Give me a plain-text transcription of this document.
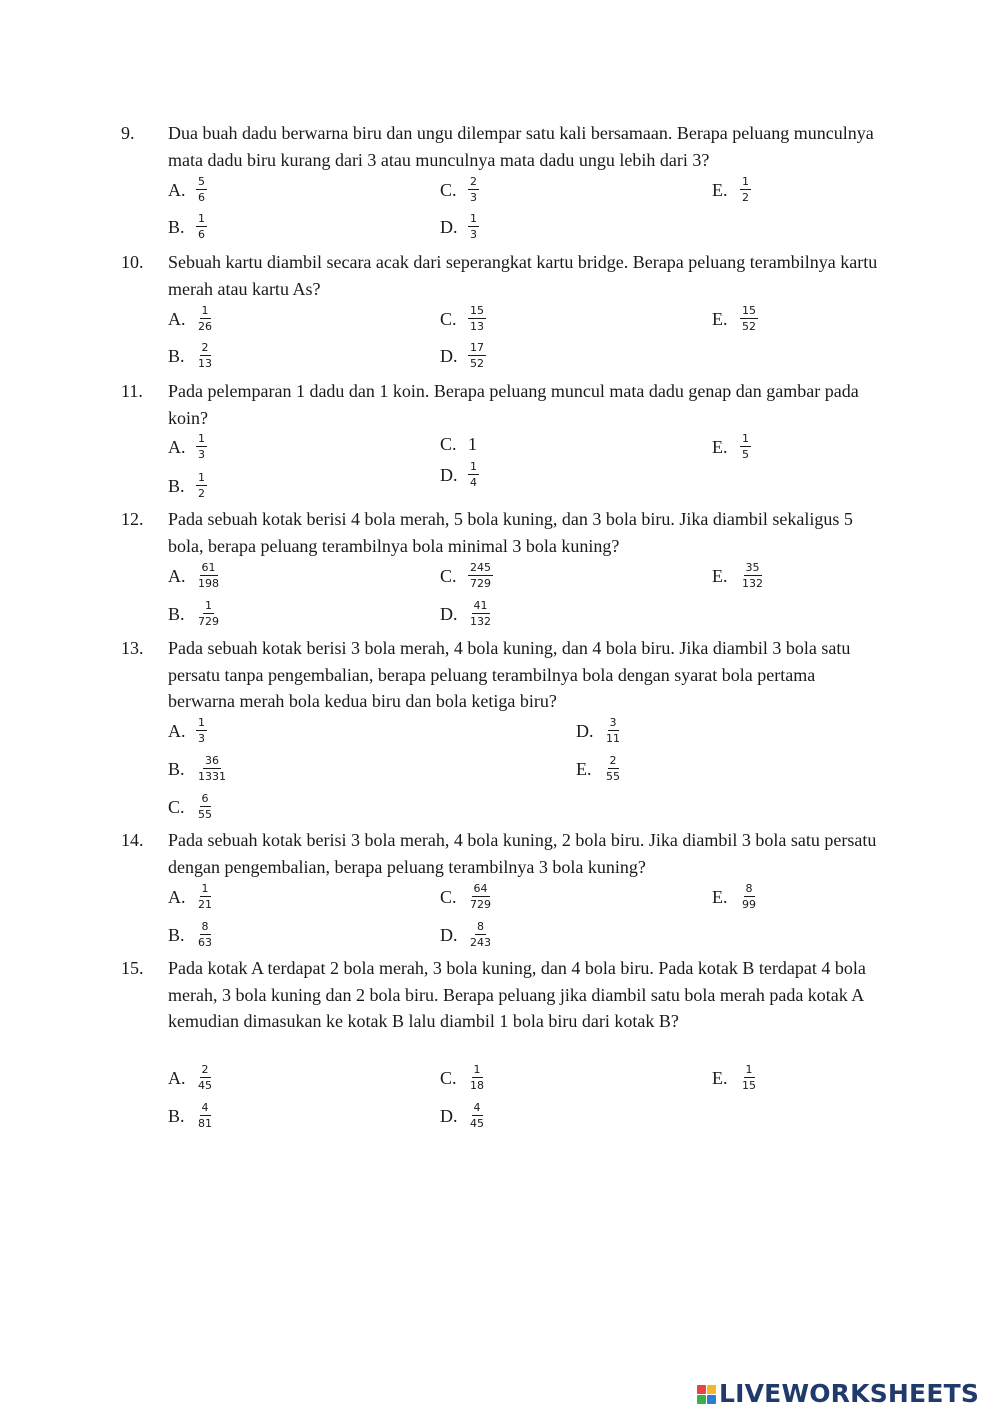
9. Dua buah dadu berwarna biru dan ungu dilempar satu kali bersamaan. Berapa peluang munculnya mata dadu biru kurang dari 3 atau munculnya mata dadu ungu lebih dari 3?
A. $\frac{5}{6}$
B.	$\frac{1}{6}$
C.	$\frac{2}{3}$
D. $\frac{1}{3}$
E.	$\frac{1}{2}$
10. Sebuah kartu diambil secara acak dari seperangkat kartu bridge. Berapa peluang terambilnya kartu merah atau kartu As?
A. $\frac{1}{26}$
B.	$\frac{2}{13}$
C.	$\frac{15}{13}$
D. $\frac{17}{52}$
E.	$\frac{15}{52}$
11. Pada pelemparan 1 dadu dan 1 koin. Berapa peluang muncul mata dadu genap dan gambar pada koin?
A. $\frac{1}{3}$
B.	$\frac{1}{2}$
C. 1
D. $\frac{1}{4}$
E.	$\frac{1}{5}$
12. Pada sebuah kotak berisi 4 bola merah, 5 bola kuning, dan 3 bola biru. Jika diambil sekaligus 5 bola, berapa peluang terambilnya bola minimal 3 bola kuning?
A. $\frac{61}{198}$
B.	$\frac{1}{729}$
C.	$\frac{245}{729}$
D. $\frac{41}{132}$
E.	$\frac{35}{132}$
13. Pada sebuah kotak berisi 3 bola merah, 4 bola kuning, dan 4 bola biru. Jika diambil 3 bola satu persatu tanpa pengembalian, berapa peluang terambilnya bola dengan syarat bola pertama berwarna merah bola kedua biru dan bola ketiga biru?
A. $\frac{1}{3}$
B.	$\frac{36}{1331}$
C.	$\frac{6}{55}$
D. $\frac{3}{11}$
E.	$\frac{2}{55}$
14. Pada sebuah kotak berisi 3 bola merah, 4 bola kuning, 2 bola biru. Jika diambil 3 bola satu persatu dengan pengembalian, berapa peluang terambilnya 3 bola kuning?
A. $\frac{1}{21}$
B.	$\frac{8}{63}$
C.	$\frac{64}{729}$
D. $\frac{8}{243}$
E.	$\frac{8}{99}$
15. Pada kotak A terdapat 2 bola merah, 3 bola kuning, dan 4 bola biru. Pada kotak B terdapat 4 bola merah, 3 bola kuning dan 2 bola biru. Berapa peluang jika diambil satu bola merah pada kotak A kemudian dimasukan ke kotak B lalu diambil 1 bola biru dari kotak B?
A. $\frac{2}{45}$
B.	$\frac{4}{81}$
C.	$\frac{1}{18}$
D. $\frac{4}{45}$
E.	$\frac{1}{15}$
LIVEWORKSHEETS
